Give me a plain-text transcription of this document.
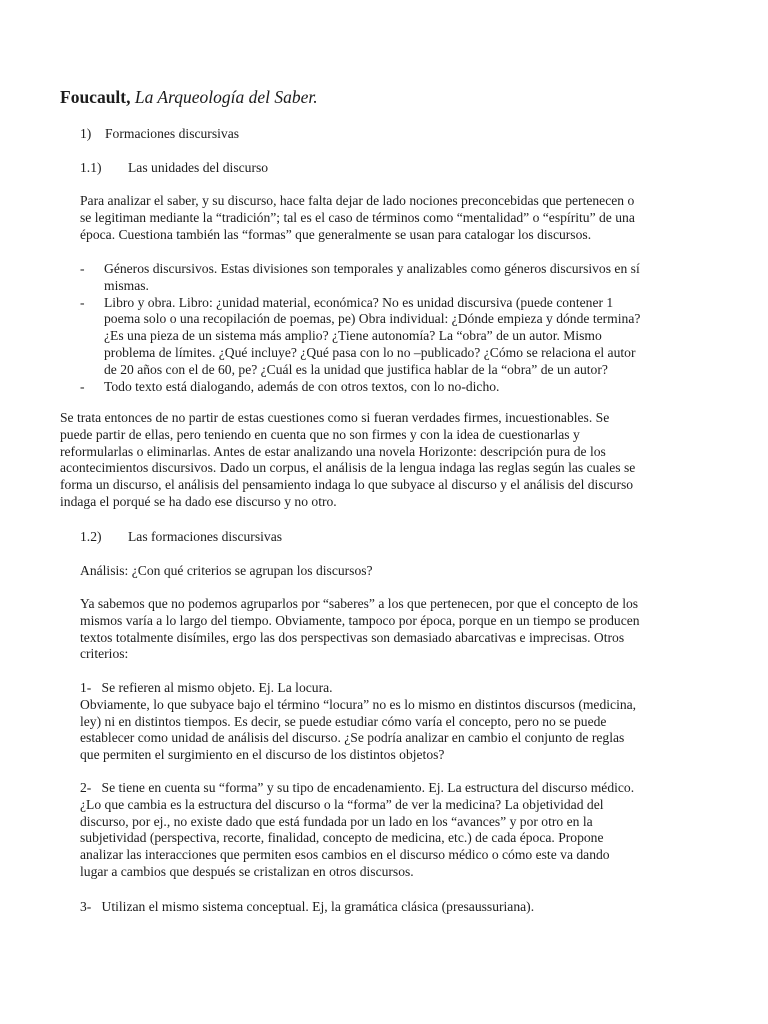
Foucault, La Arqueología del Saber.
1) Formaciones discursivas
1.1) Las unidades del discurso
Para analizar el saber, y su discurso, hace falta dejar de lado nociones preconcebidas que pertenecen o
se legitiman mediante la “tradición”; tal es el caso de términos como “mentalidad” o “espíritu” de una
época. Cuestiona también las “formas” que generalmente se usan para catalogar los discursos.
- Géneros discursivos. Estas divisiones son temporales y analizables como géneros discursivos en sí
mismas.
- Libro y obra. Libro: ¿unidad material, económica? No es unidad discursiva (puede contener 1
poema solo o una recopilación de poemas, pe) Obra individual: ¿Dónde empieza y dónde termina?
¿Es una pieza de un sistema más amplio? ¿Tiene autonomía? La “obra” de un autor. Mismo
problema de límites. ¿Qué incluye? ¿Qué pasa con lo no –publicado? ¿Cómo se relaciona el autor
de 20 años con el de 60, pe? ¿Cuál es la unidad que justifica hablar de la “obra” de un autor?
- Todo texto está dialogando, además de con otros textos, con lo no-dicho.
Se trata entonces de no partir de estas cuestiones como si fueran verdades firmes, incuestionables. Se
puede partir de ellas, pero teniendo en cuenta que no son firmes y con la idea de cuestionarlas y
reformularlas o eliminarlas. Antes de estar analizando una novela Horizonte: descripción pura de los
acontecimientos discursivos. Dado un corpus, el análisis de la lengua indaga las reglas según las cuales se
forma un discurso, el análisis del pensamiento indaga lo que subyace al discurso y el análisis del discurso
indaga el porqué se ha dado ese discurso y no otro.
1.2) Las formaciones discursivas
Análisis: ¿Con qué criterios se agrupan los discursos?
Ya sabemos que no podemos agruparlos por “saberes” a los que pertenecen, por que el concepto de los
mismos varía a lo largo del tiempo. Obviamente, tampoco por época, porque en un tiempo se producen
textos totalmente disímiles, ergo las dos perspectivas son demasiado abarcativas e imprecisas. Otros
criterios:
1-   Se refieren al mismo objeto. Ej. La locura.
Obviamente, lo que subyace bajo el término “locura” no es lo mismo en distintos discursos (medicina,
ley) ni en distintos tiempos. Es decir, se puede estudiar cómo varía el concepto, pero no se puede
establecer como unidad de análisis del discurso. ¿Se podría analizar en cambio el conjunto de reglas
que permiten el surgimiento en el discurso de los distintos objetos?
2-   Se tiene en cuenta su “forma” y su tipo de encadenamiento. Ej. La estructura del discurso médico.
¿Lo que cambia es la estructura del discurso o la “forma” de ver la medicina? La objetividad del
discurso, por ej., no existe dado que está fundada por un lado en los “avances” y por otro en la
subjetividad (perspectiva, recorte, finalidad, concepto de medicina, etc.) de cada época. Propone
analizar las interacciones que permiten esos cambios en el discurso médico o cómo este va dando
lugar a cambios que después se cristalizan en otros discursos.
3-   Utilizan el mismo sistema conceptual. Ej, la gramática clásica (presaussuriana).
